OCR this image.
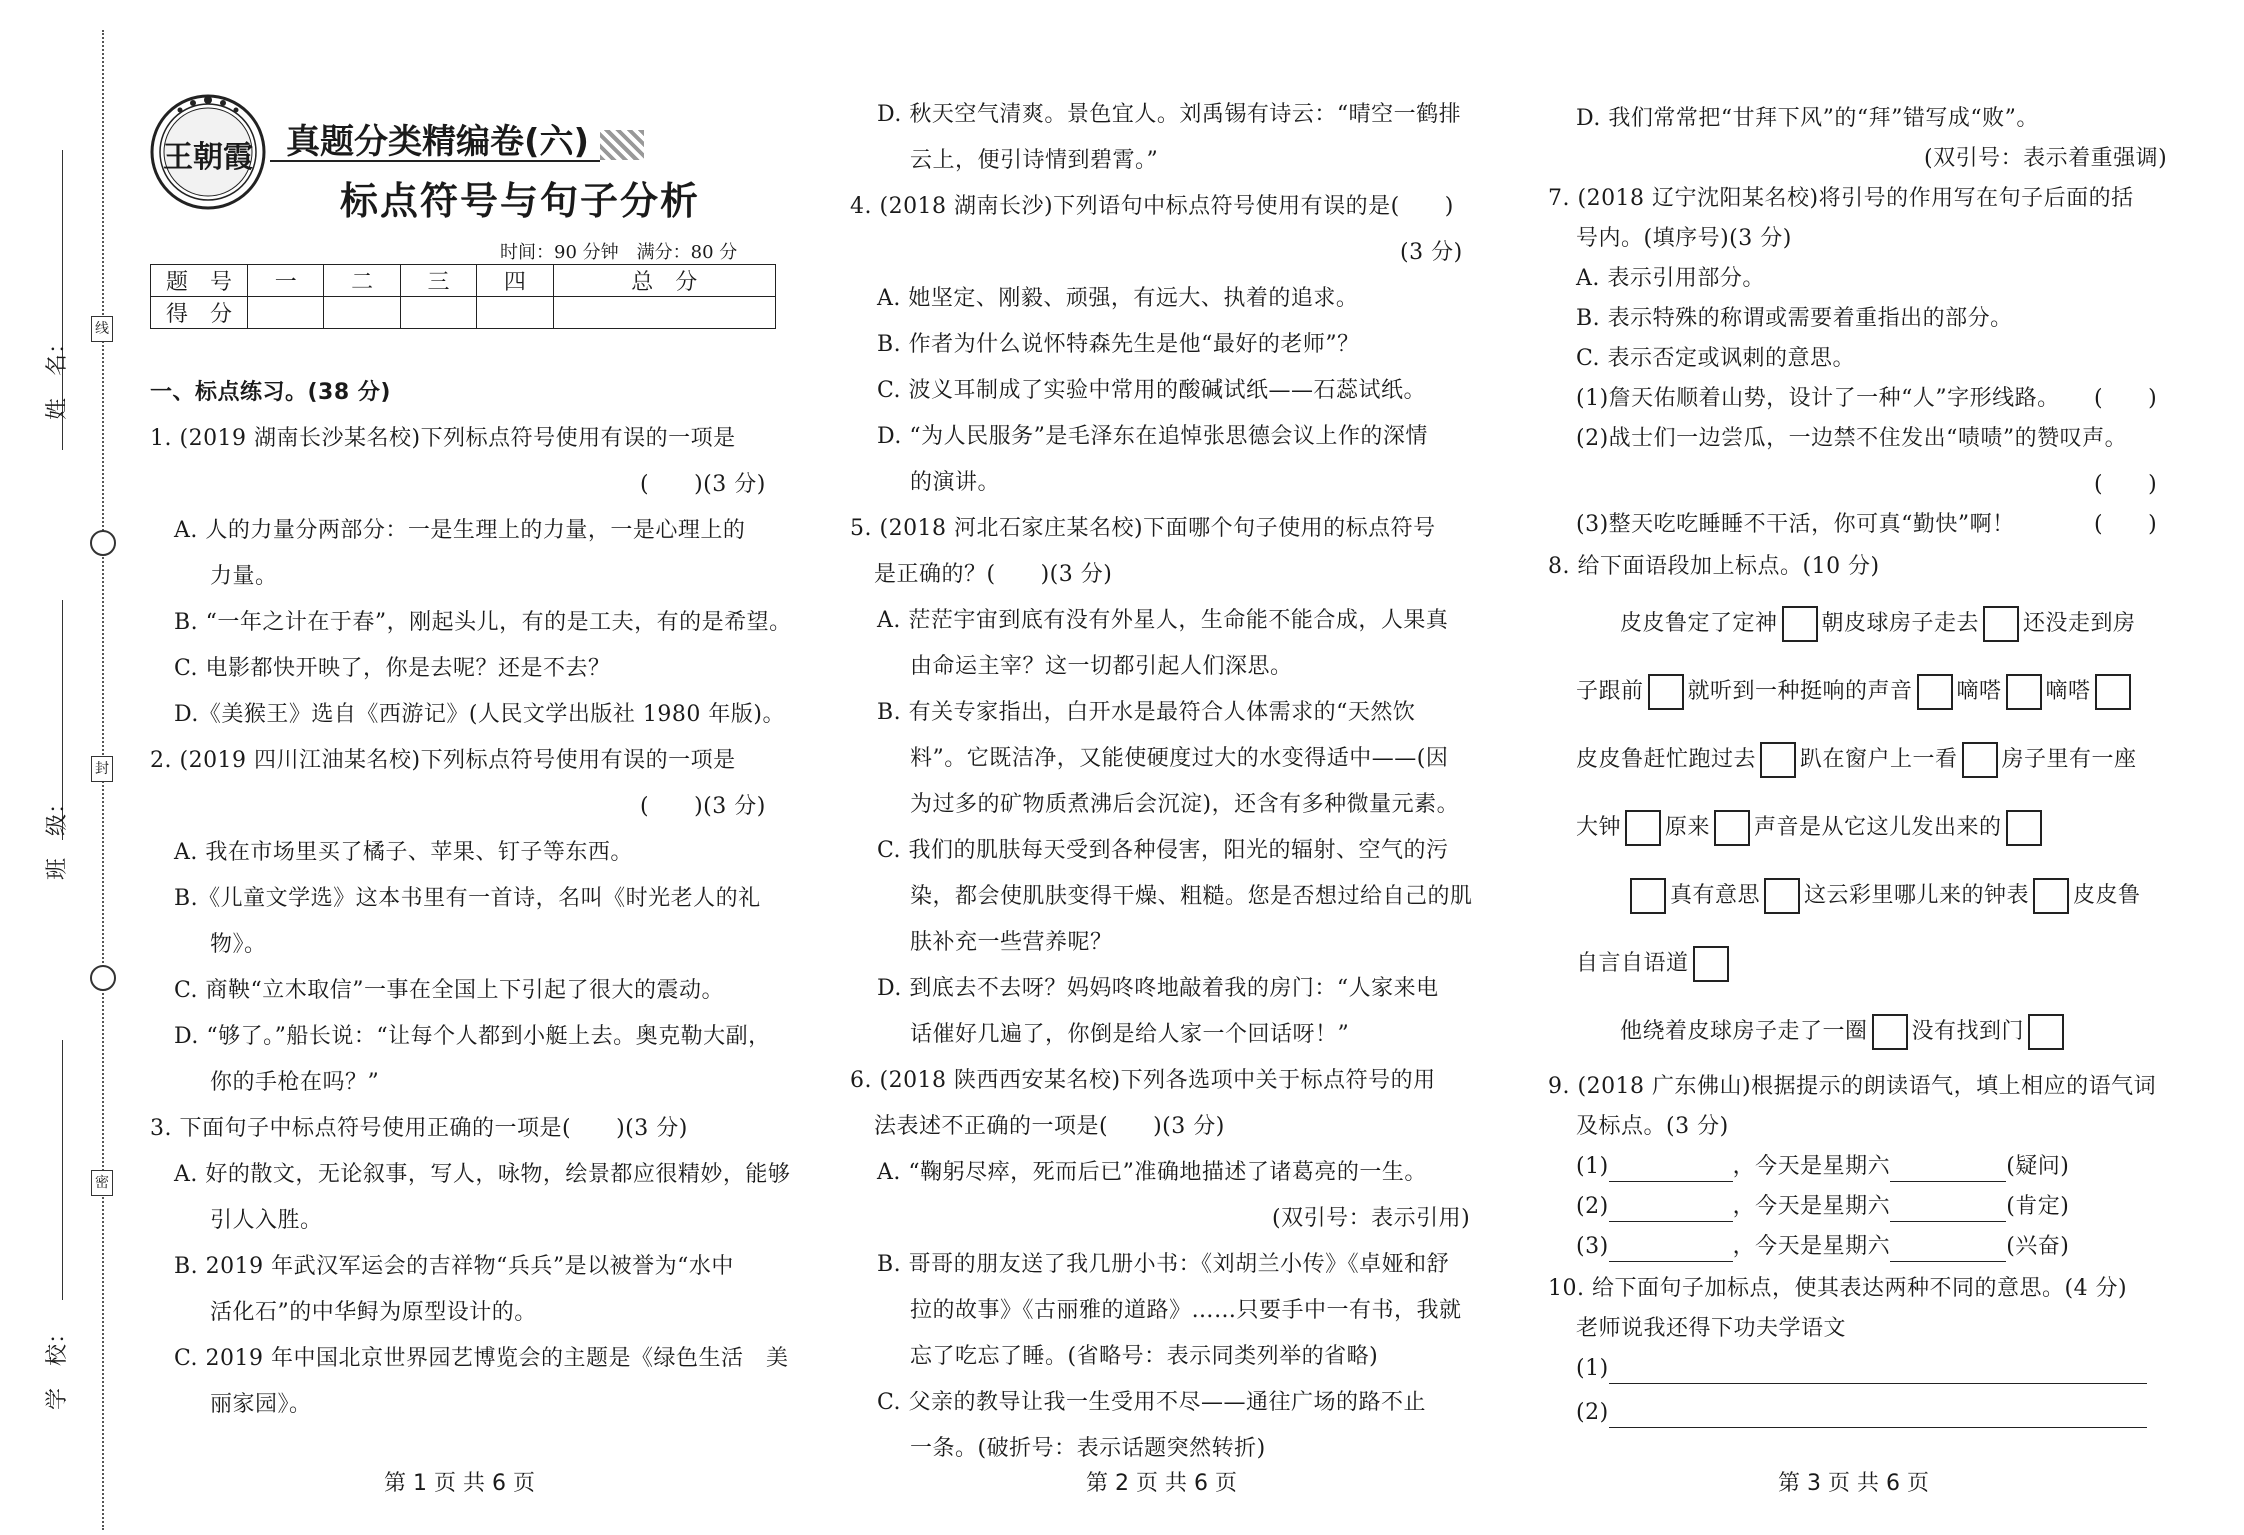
线
封
密
姓　名：
班　级：
学　校：
王朝霞 真题分类精编卷(六)
标点符号与句子分析
时间：90 分钟　满分：80 分
题　号	一	二	三	四	总　分
得　分					
一、标点练习。(38 分)
1. (2019 湖南长沙某名校)下列标点符号使用有误的一项是
(　　)(3 分)
A. 人的力量分两部分：一是生理上的力量，一是心理上的
力量。
B. “一年之计在于春”，刚起头儿，有的是工夫，有的是希望。
C. 电影都快开映了，你是去呢？还是不去？
D.《美猴王》选自《西游记》(人民文学出版社 1980 年版)。
2. (2019 四川江油某名校)下列标点符号使用有误的一项是
(　　)(3 分)
A. 我在市场里买了橘子、苹果、钉子等东西。
B.《儿童文学选》这本书里有一首诗，名叫《时光老人的礼
物》。
C. 商鞅“立木取信”一事在全国上下引起了很大的震动。
D. “够了。”船长说：“让每个人都到小艇上去。奥克勒大副，
你的手枪在吗？”
3. 下面句子中标点符号使用正确的一项是(　　)(3 分)
A. 好的散文，无论叙事，写人，咏物，绘景都应很精妙，能够
引人入胜。
B. 2019 年武汉军运会的吉祥物“兵兵”是以被誉为“水中
活化石”的中华鲟为原型设计的。
C. 2019 年中国北京世界园艺博览会的主题是《绿色生活　美
丽家园》。
D. 秋天空气清爽。景色宜人。刘禹锡有诗云：“晴空一鹤排
云上，便引诗情到碧霄。”
4. (2018 湖南长沙)下列语句中标点符号使用有误的是(　　)
(3 分)
A. 她坚定、刚毅、顽强，有远大、执着的追求。
B. 作者为什么说怀特森先生是他“最好的老师”？
C. 波义耳制成了实验中常用的酸碱试纸——石蕊试纸。
D. “为人民服务”是毛泽东在追悼张思德会议上作的深情
的演讲。
5. (2018 河北石家庄某名校)下面哪个句子使用的标点符号
是正确的？(　　)(3 分)
A. 茫茫宇宙到底有没有外星人，生命能不能合成，人果真
由命运主宰？这一切都引起人们深思。
B. 有关专家指出，白开水是最符合人体需求的“天然饮
料”。它既洁净，又能使硬度过大的水变得适中——(因
为过多的矿物质煮沸后会沉淀)，还含有多种微量元素。
C. 我们的肌肤每天受到各种侵害，阳光的辐射、空气的污
染，都会使肌肤变得干燥、粗糙。您是否想过给自己的肌
肤补充一些营养呢？
D. 到底去不去呀？妈妈咚咚地敲着我的房门：“人家来电
话催好几遍了，你倒是给人家一个回话呀！”
6. (2018 陕西西安某名校)下列各选项中关于标点符号的用
法表述不正确的一项是(　　)(3 分)
A. “鞠躬尽瘁，死而后已”准确地描述了诸葛亮的一生。
(双引号：表示引用)
B. 哥哥的朋友送了我几册小书：《刘胡兰小传》《卓娅和舒
拉的故事》《古丽雅的道路》……只要手中一有书，我就
忘了吃忘了睡。(省略号：表示同类列举的省略)
C. 父亲的教导让我一生受用不尽——通往广场的路不止
一条。(破折号：表示话题突然转折)
D. 我们常常把“甘拜下风”的“拜”错写成“败”。
(双引号：表示着重强调)
7. (2018 辽宁沈阳某名校)将引号的作用写在句子后面的括
号内。(填序号)(3 分)
A. 表示引用部分。
B. 表示特殊的称谓或需要着重指出的部分。
C. 表示否定或讽刺的意思。
(1)詹天佑顺着山势，设计了一种“人”字形线路。 (　　)
(2)战士们一边尝瓜，一边禁不住发出“啧啧”的赞叹声。
(　　)
(3)整天吃吃睡睡不干活，你可真“勤快”啊！	(　　)
8. 给下面语段加上标点。(10 分)
皮皮鲁定了定神 朝皮球房子走去 还没走到房
子跟前 就听到一种挺响的声音 嘀嗒 嘀嗒
皮皮鲁赶忙跑过去 趴在窗户上一看 房子里有一座
大钟 原来 声音是从它这儿发出来的
真有意思 这云彩里哪儿来的钟表 皮皮鲁
自言自语道
他绕着皮球房子走了一圈 没有找到门
9. (2018 广东佛山)根据提示的朗读语气，填上相应的语气词
及标点。(3 分)
(1)	，今天是星期六	(疑问)
(2)	，今天是星期六	(肯定)
(3)	，今天是星期六	(兴奋)
10. 给下面句子加标点，使其表达两种不同的意思。(4 分)
老师说我还得下功夫学语文
(1)
(2)
第 1 页 共 6 页	第 2 页 共 6 页	第 3 页 共 6 页
